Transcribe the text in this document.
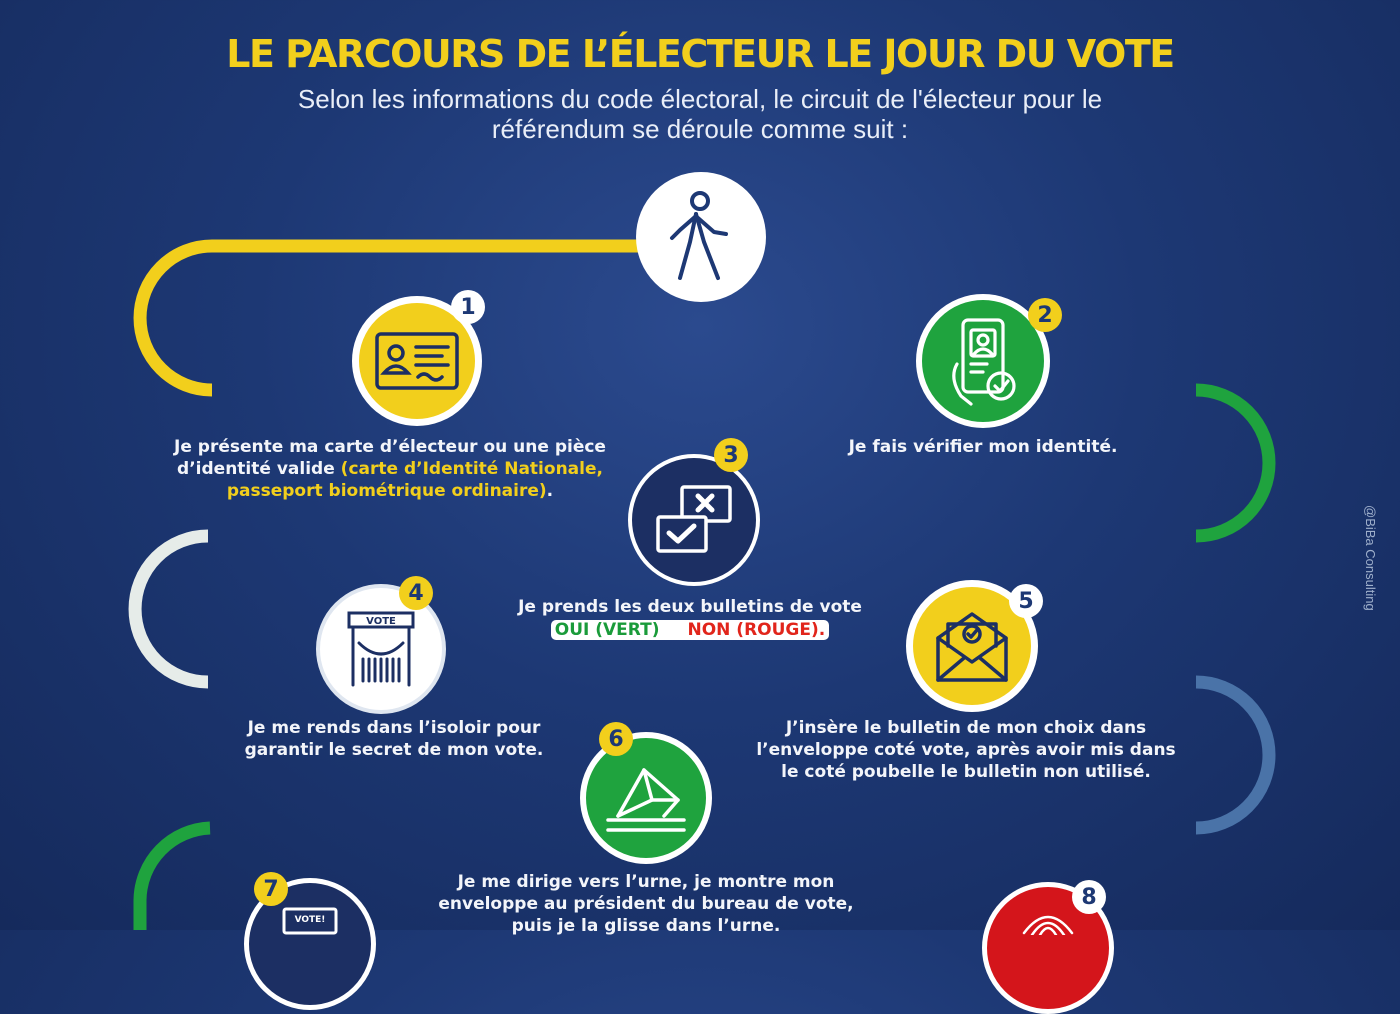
LE PARCOURS DE L’ÉLECTEUR LE JOUR DU VOTE
Selon les informations du code électoral, le circuit de l'électeur pour le référendum se déroule comme suit :
1
Je présente ma carte d’électeur ou une pièce d’identité valide (carte d’Identité Nationale, passeport biométrique ordinaire).
2
Je fais vérifier mon identité.
3
Je prends les deux bulletins de vote
OUI (VERT) NON (ROUGE).
VOTE
4
Je me rends dans l’isoloir pour garantir le secret de mon vote.
5
J’insère le bulletin de mon choix dans l’enveloppe coté vote, après avoir mis dans le coté poubelle le bulletin non utilisé.
6
Je me dirige vers l’urne, je montre mon enveloppe au président du bureau de vote, puis je la glisse dans l’urne.
VOTE!
7	8
@BiBa Consulting
